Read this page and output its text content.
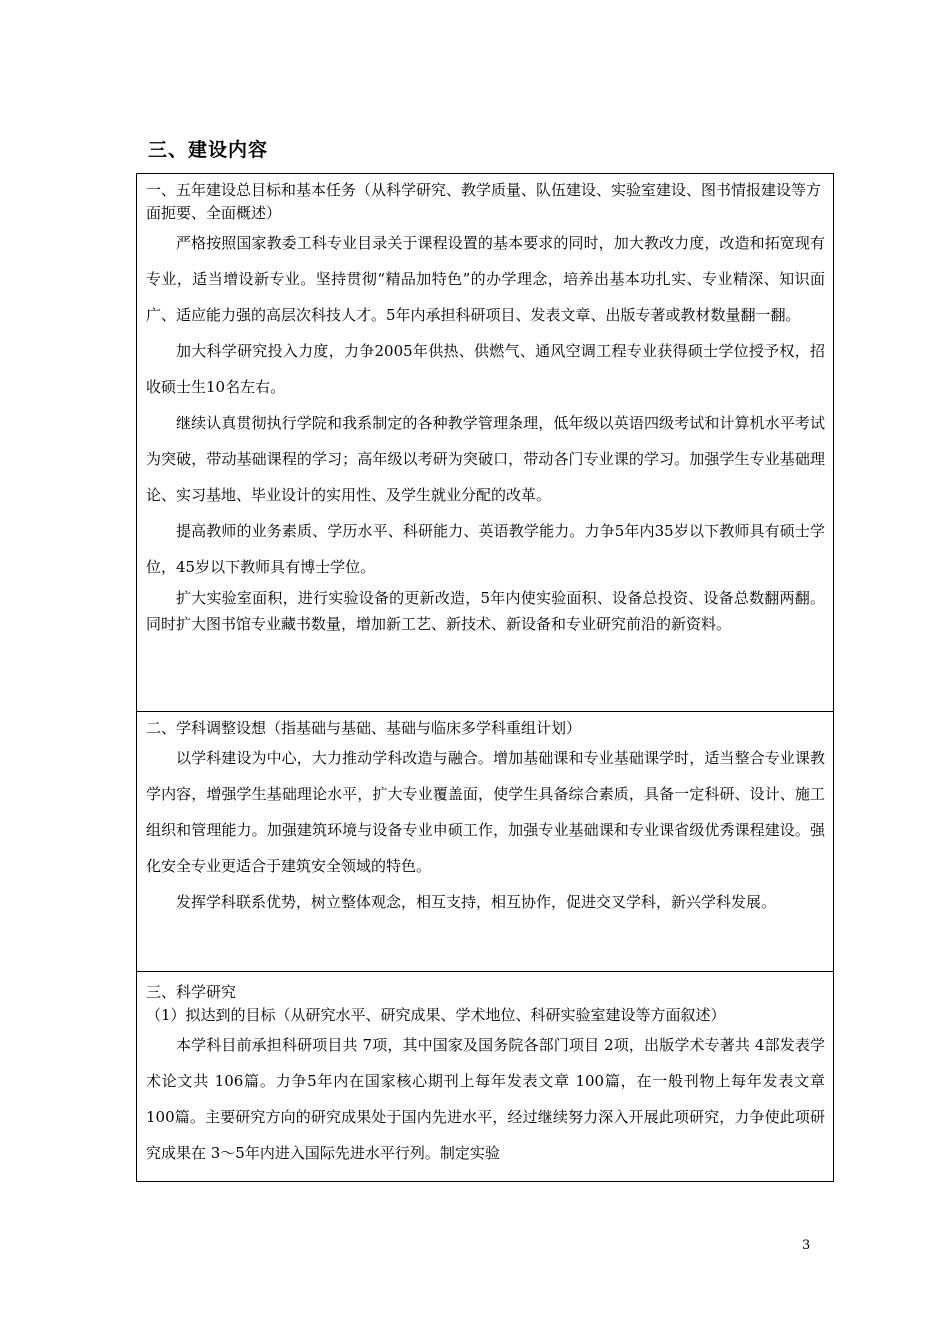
三、建设内容

一、五年建设总目标和基本任务（从科学研究、教学质量、队伍建设、实验室建设、图书情报建设等方面扼要、全面概述）

严格按照国家教委工科专业目录关于课程设置的基本要求的同时，加大教改力度，改造和拓宽现有专业，适当增设新专业。坚持贯彻“精品加特色”的办学理念，培养出基本功扎实、专业精深、知识面广、适应能力强的高层次科技人才。5年内承担科研项目、发表文章、出版专著或教材数量翻一翻。

加大科学研究投入力度，力争2005年供热、供燃气、通风空调工程专业获得硕士学位授予权，招收硕士生10名左右。

继续认真贯彻执行学院和我系制定的各种教学管理条理，低年级以英语四级考试和计算机水平考试为突破，带动基础课程的学习；高年级以考研为突破口，带动各门专业课的学习。加强学生专业基础理论、实习基地、毕业设计的实用性、及学生就业分配的改革。

提高教师的业务素质、学历水平、科研能力、英语教学能力。力争5年内35岁以下教师具有硕士学位，45岁以下教师具有博士学位。

扩大实验室面积，进行实验设备的更新改造，5年内使实验面积、设备总投资、设备总数翻两翻。同时扩大图书馆专业藏书数量，增加新工艺、新技术、新设备和专业研究前沿的新资料。

二、学科调整设想（指基础与基础、基础与临床多学科重组计划）

以学科建设为中心，大力推动学科改造与融合。增加基础课和专业基础课学时，适当整合专业课教学内容，增强学生基础理论水平，扩大专业覆盖面，使学生具备综合素质，具备一定科研、设计、施工组织和管理能力。加强建筑环境与设备专业申硕工作，加强专业基础课和专业课省级优秀课程建设。强化安全专业更适合于建筑安全领域的特色。

发挥学科联系优势，树立整体观念，相互支持，相互协作，促进交叉学科，新兴学科发展。

三、科学研究

（1）拟达到的目标（从研究水平、研究成果、学术地位、科研实验室建设等方面叙述）

本学科目前承担科研项目共 7项，其中国家及国务院各部门项目 2项，出版学术专著共 4部发表学术论文共 106篇。力争5年内在国家核心期刊上每年发表文章 100篇，在一般刊物上每年发表文章 100篇。主要研究方向的研究成果处于国内先进水平，经过继续努力深入开展此项研究，力争使此项研究成果在 3～5年内进入国际先进水平行列。制定实验

3
